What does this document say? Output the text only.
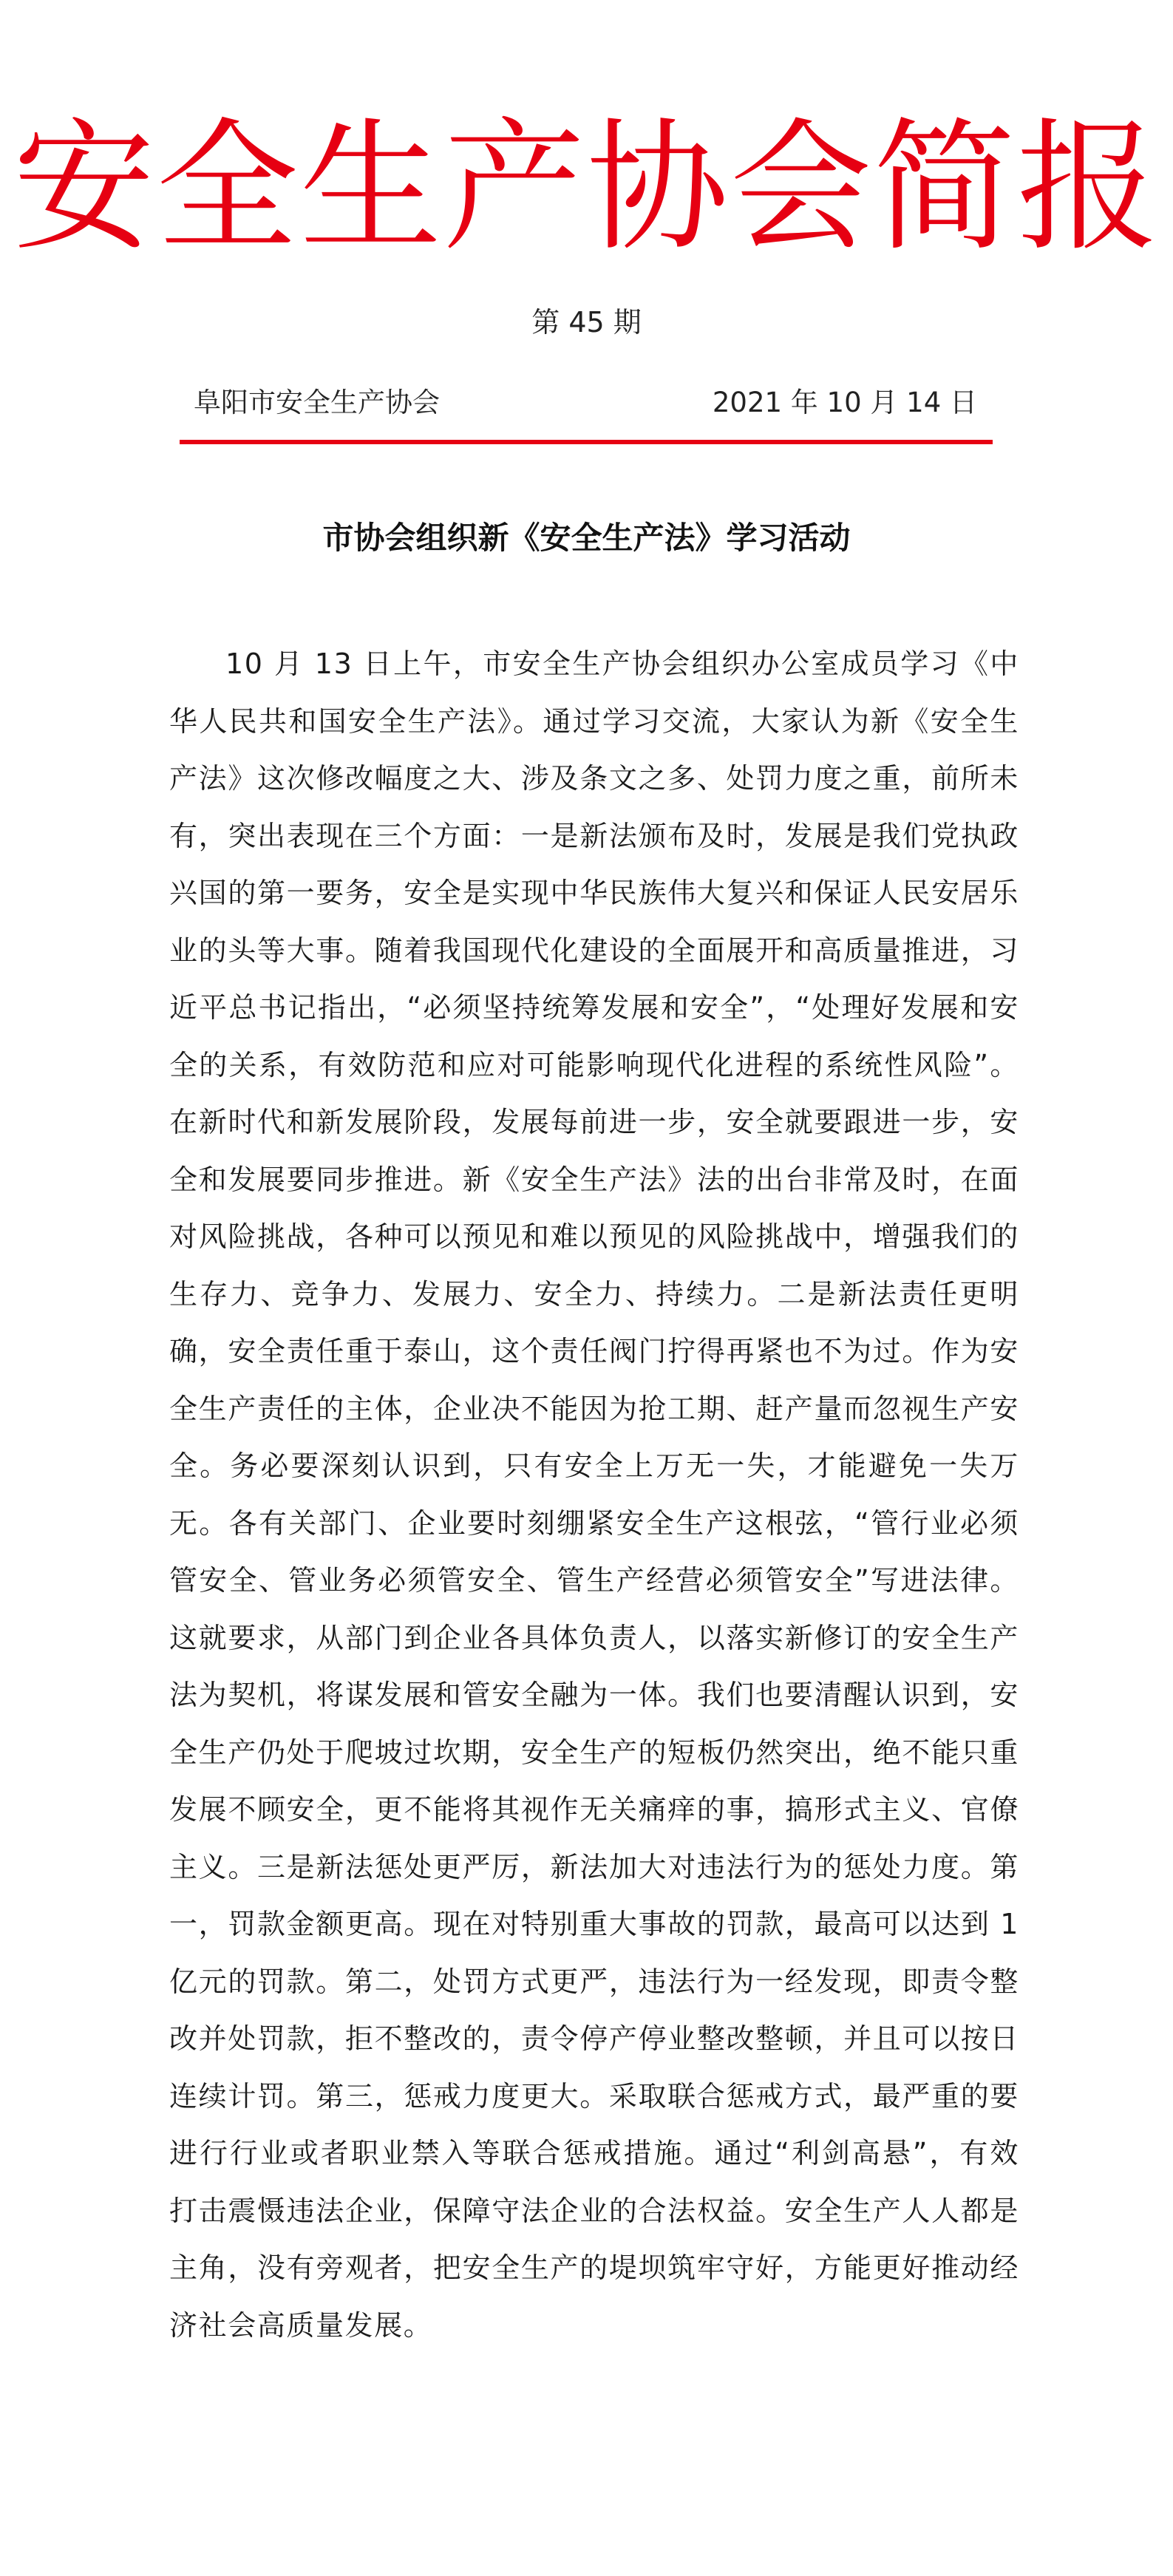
安全生产协会简报
第 45 期
阜阳市安全生产协会	2021 年 10 月 14 日
市协会组织新《安全生产法》学习活动

10 月 13 日上午，市安全生产协会组织办公室成员学习《中华人民共和国安全生产法》。通过学习交流，大家认为新《安全生产法》这次修改幅度之大、涉及条文之多、处罚力度之重，前所未有，突出表现在三个方面：一是新法颁布及时，发展是我们党执政兴国的第一要务，安全是实现中华民族伟大复兴和保证人民安居乐业的头等大事。随着我国现代化建设的全面展开和高质量推进，习近平总书记指出，“必须坚持统筹发展和安全”，“处理好发展和安全的关系，有效防范和应对可能影响现代化进程的系统性风险”。在新时代和新发展阶段，发展每前进一步，安全就要跟进一步，安全和发展要同步推进。新《安全生产法》法的出台非常及时，在面对风险挑战，各种可以预见和难以预见的风险挑战中，增强我们的生存力、竞争力、发展力、安全力、持续力。二是新法责任更明确，安全责任重于泰山，这个责任阀门拧得再紧也不为过。作为安全生产责任的主体，企业决不能因为抢工期、赶产量而忽视生产安全。务必要深刻认识到，只有安全上万无一失，才能避免一失万无。各有关部门、企业要时刻绷紧安全生产这根弦，“管行业必须管安全、管业务必须管安全、管生产经营必须管安全”写进法律。这就要求，从部门到企业各具体负责人，以落实新修订的安全生产法为契机，将谋发展和管安全融为一体。我们也要清醒认识到，安全生产仍处于爬坡过坎期，安全生产的短板仍然突出，绝不能只重发展不顾安全，更不能将其视作无关痛痒的事，搞形式主义、官僚主义。三是新法惩处更严厉，新法加大对违法行为的惩处力度。第一，罚款金额更高。现在对特别重大事故的罚款，最高可以达到 1 亿元的罚款。第二，处罚方式更严，违法行为一经发现，即责令整改并处罚款，拒不整改的，责令停产停业整改整顿，并且可以按日连续计罚。第三，惩戒力度更大。采取联合惩戒方式，最严重的要进行行业或者职业禁入等联合惩戒措施。通过“利剑高悬”，有效打击震慑违法企业，保障守法企业的合法权益。安全生产人人都是主角，没有旁观者，把安全生产的堤坝筑牢守好，方能更好推动经济社会高质量发展。
